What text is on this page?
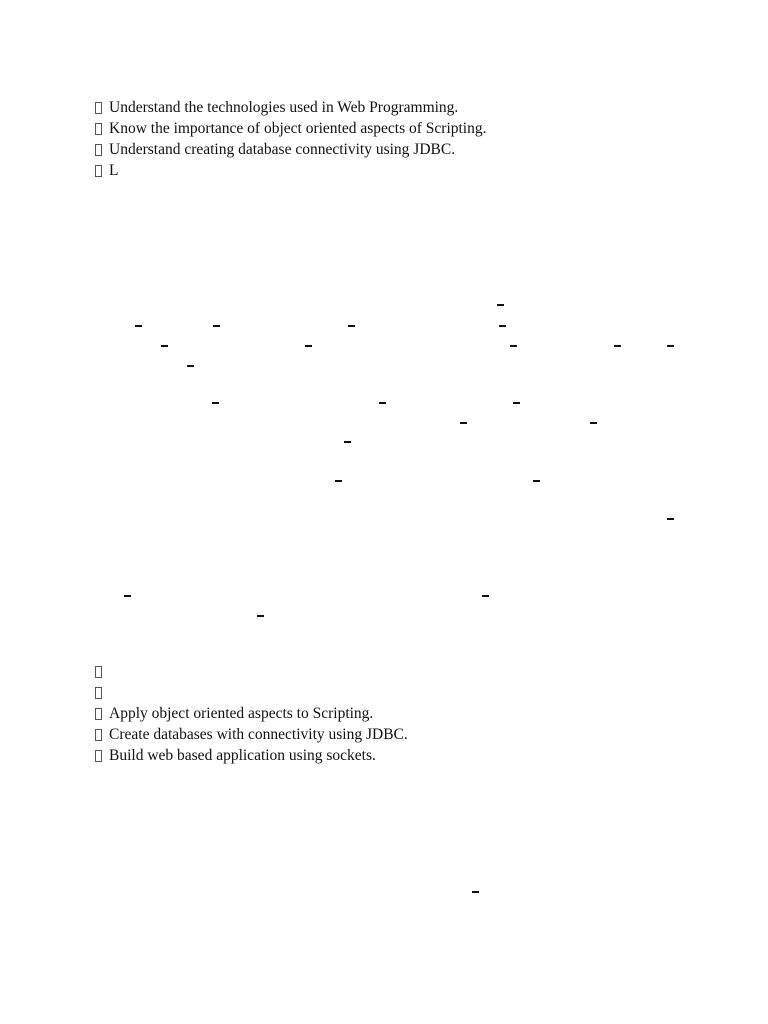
Understand the technologies used in Web Programming.
Know the importance of object oriented aspects of Scripting.
Understand creating database connectivity using JDBC.
L
Apply object oriented aspects to Scripting.
Create databases with connectivity using JDBC.
Build web based application using sockets.
